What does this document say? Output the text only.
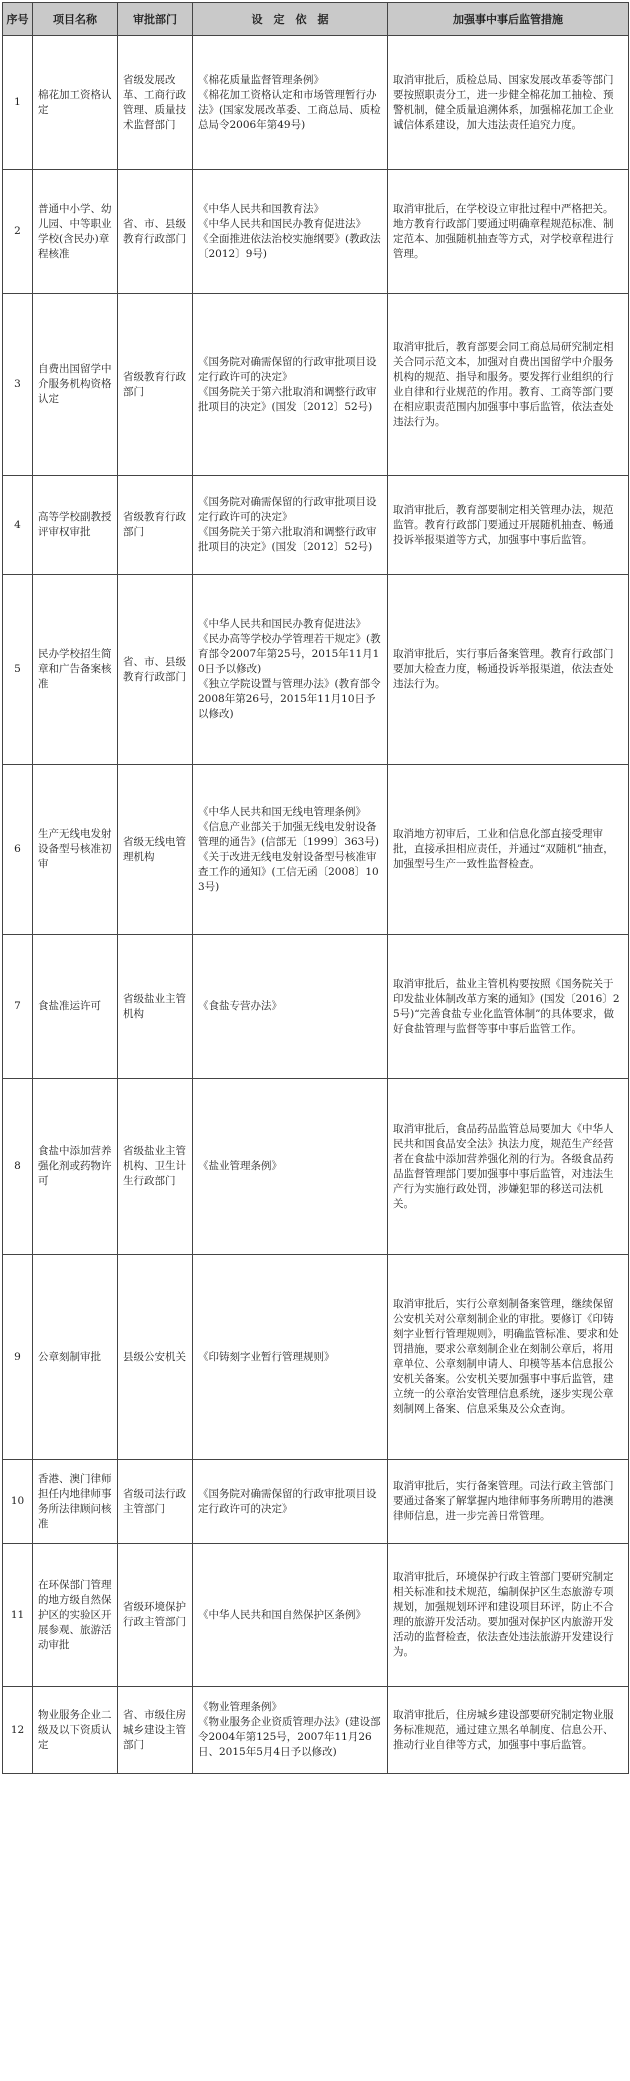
序号	项目名称	审批部门	设　定　依　据	加强事中事后监管措施
1	棉花加工资格认定	省级发展改革、工商行政管理、质量技术监督部门	《棉花质量监督管理条例》
《棉花加工资格认定和市场管理暂行办法》(国家发展改革委、工商总局、质检总局令2006年第49号)	取消审批后，质检总局、国家发展改革委等部门要按照职责分工，进一步健全棉花加工抽检、预警机制，健全质量追溯体系，加强棉花加工企业诚信体系建设，加大违法责任追究力度。
2	普通中小学、幼儿园、中等职业学校(含民办)章程核准	省、市、县级教育行政部门	《中华人民共和国教育法》
《中华人民共和国民办教育促进法》
《全面推进依法治校实施纲要》(教政法〔2012〕9号)	取消审批后，在学校设立审批过程中严格把关。地方教育行政部门要通过明确章程规范标准、制定范本、加强随机抽查等方式，对学校章程进行管理。
3	自费出国留学中介服务机构资格认定	省级教育行政部门	《国务院对确需保留的行政审批项目设定行政许可的决定》
《国务院关于第六批取消和调整行政审批项目的决定》(国发〔2012〕52号)	取消审批后，教育部要会同工商总局研究制定相关合同示范文本，加强对自费出国留学中介服务机构的规范、指导和服务。要发挥行业组织的行业自律和行业规范的作用。教育、工商等部门要在相应职责范围内加强事中事后监管，依法查处违法行为。
4	高等学校副教授评审权审批	省级教育行政部门	《国务院对确需保留的行政审批项目设定行政许可的决定》
《国务院关于第六批取消和调整行政审批项目的决定》(国发〔2012〕52号)	取消审批后，教育部要制定相关管理办法，规范监管。教育行政部门要通过开展随机抽查、畅通投诉举报渠道等方式，加强事中事后监管。
5	民办学校招生简章和广告备案核准	省、市、县级教育行政部门	《中华人民共和国民办教育促进法》
《民办高等学校办学管理若干规定》(教育部令2007年第25号，2015年11月10日予以修改)
《独立学院设置与管理办法》(教育部令2008年第26号，2015年11月10日予以修改)	取消审批后，实行事后备案管理。教育行政部门要加大检查力度，畅通投诉举报渠道，依法查处违法行为。
6	生产无线电发射设备型号核准初审	省级无线电管理机构	《中华人民共和国无线电管理条例》
《信息产业部关于加强无线电发射设备管理的通告》(信部无〔1999〕363号)
《关于改进无线电发射设备型号核准审查工作的通知》(工信无函〔2008〕103号)	取消地方初审后，工业和信息化部直接受理审批，直接承担相应责任，并通过“双随机”抽查，加强型号生产一致性监督检查。
7	食盐准运许可	省级盐业主管机构	《食盐专营办法》	取消审批后，盐业主管机构要按照《国务院关于印发盐业体制改革方案的通知》(国发〔2016〕25号)“完善食盐专业化监管体制”的具体要求，做好食盐管理与监督等事中事后监管工作。
8	食盐中添加营养强化剂或药物许可	省级盐业主管机构、卫生计生行政部门	《盐业管理条例》	取消审批后，食品药品监管总局要加大《中华人民共和国食品安全法》执法力度，规范生产经营者在食盐中添加营养强化剂的行为。各级食品药品监督管理部门要加强事中事后监管，对违法生产行为实施行政处罚，涉嫌犯罪的移送司法机关。
9	公章刻制审批	县级公安机关	《印铸刻字业暂行管理规则》	取消审批后，实行公章刻制备案管理，继续保留公安机关对公章刻制企业的审批。要修订《印铸刻字业暂行管理规则》，明确监管标准、要求和处罚措施，要求公章刻制企业在刻制公章后，将用章单位、公章刻制申请人、印模等基本信息报公安机关备案。公安机关要加强事中事后监管，建立统一的公章治安管理信息系统，逐步实现公章刻制网上备案、信息采集及公众查询。
10	香港、澳门律师担任内地律师事务所法律顾问核准	省级司法行政主管部门	《国务院对确需保留的行政审批项目设定行政许可的决定》	取消审批后，实行备案管理。司法行政主管部门要通过备案了解掌握内地律师事务所聘用的港澳律师信息，进一步完善日常管理。
11	在环保部门管理的地方级自然保护区的实验区开展参观、旅游活动审批	省级环境保护行政主管部门	《中华人民共和国自然保护区条例》	取消审批后，环境保护行政主管部门要研究制定相关标准和技术规范，编制保护区生态旅游专项规划，加强规划环评和建设项目环评，防止不合理的旅游开发活动。要加强对保护区内旅游开发活动的监督检查，依法查处违法旅游开发建设行为。
12	物业服务企业二级及以下资质认定	省、市级住房城乡建设主管部门	《物业管理条例》
《物业服务企业资质管理办法》(建设部令2004年第125号，2007年11月26日、2015年5月4日予以修改)	取消审批后，住房城乡建设部要研究制定物业服务标准规范，通过建立黑名单制度、信息公开、推动行业自律等方式，加强事中事后监管。
